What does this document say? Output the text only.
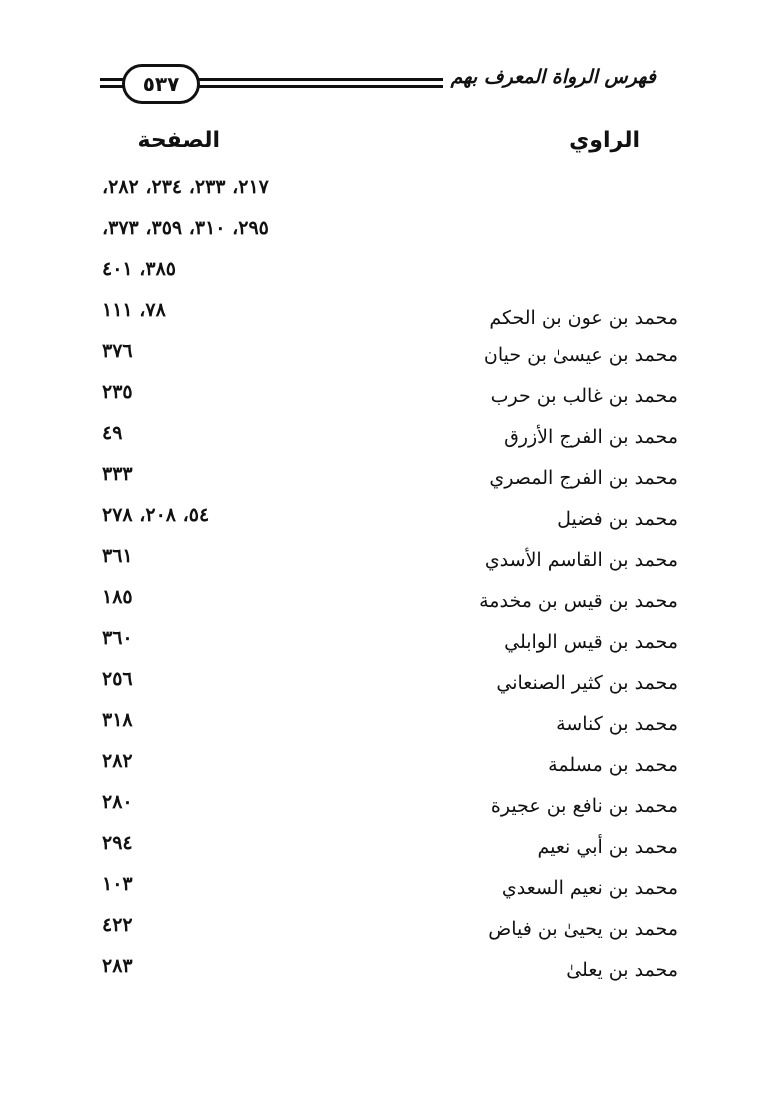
٥٣٧	فهرس الرواة المعرف بهم
الراوي
الصفحة
٢١٧، ٢٣٣، ٢٣٤، ٢٨٢،
٢٩٥، ٣١٠، ٣٥٩، ٣٧٣،
٣٨٥، ٤٠١
محمد بن عون بن الحكم
٧٨، ١١١
محمد بن عيسیٰ بن حيان
٣٧٦
محمد بن غالب بن حرب
٢٣٥
محمد بن الفرج الأزرق
٤٩
محمد بن الفرج المصري
٣٣٣
محمد بن فضيل
٥٤، ٢٠٨، ٢٧٨
محمد بن القاسم الأسدي
٣٦١
محمد بن قيس بن مخدمة
١٨٥
محمد بن قيس الوابلي
٣٦٠
محمد بن كثير الصنعاني
٢٥٦
محمد بن كناسة
٣١٨
محمد بن مسلمة
٢٨٢
محمد بن نافع بن عجيرة
٢٨٠
محمد بن أبي نعيم
٢٩٤
محمد بن نعيم السعدي
١٠٣
محمد بن يحيیٰ بن فياض
٤٢٢
محمد بن يعلیٰ
٢٨٣
